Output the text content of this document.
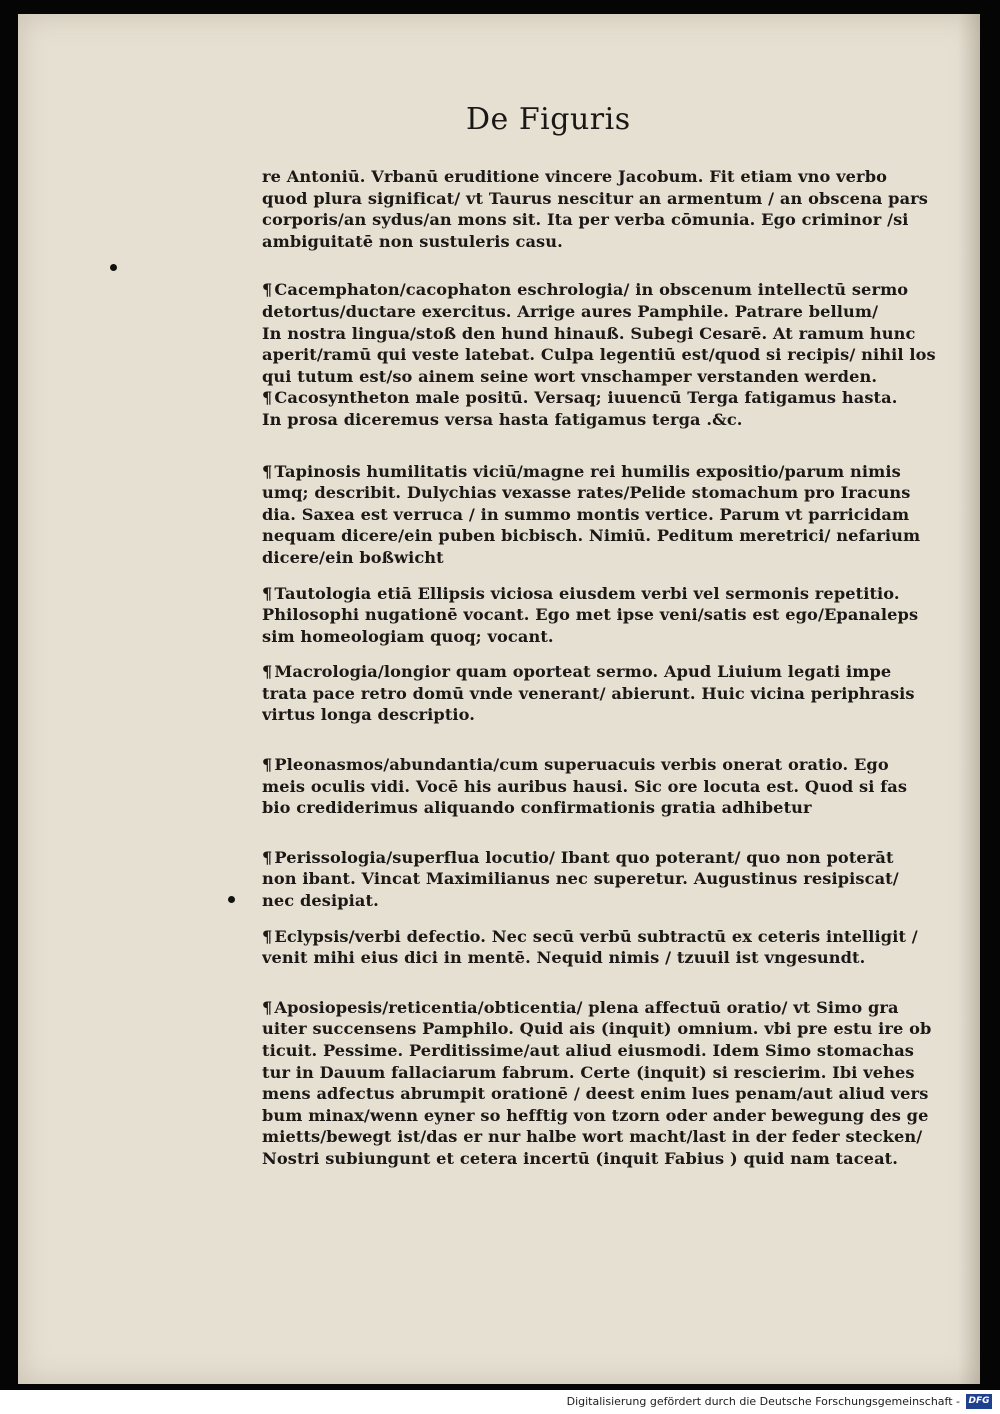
De Figuris
re Antoniū. Vrbanū eruditione vincere Jacobum. Fit etiam vno verbo
quod plura significat/ vt Taurus nescitur an armentum / an obscena pars
corporis/an sydus/an mons sit. Ita per verba cōmunia. Ego criminor /si
ambiguitatē non sustuleris casu.
¶ Cacemphaton/cacophaton eschrologia/ in obscenum intellectū sermo
detortus/ductare exercitus. Arrige aures Pamphile. Patrare bellum/
In nostra lingua/stoß den hund hinauß. Subegi Cesarē. At ramum hunc
aperit/ramū qui veste latebat. Culpa legentiū est/quod si recipis/ nihil los
qui tutum est/so ainem seine wort vnschamper verstanden werden.
¶ Cacosyntheton male positū. Versaq; iuuencū Terga fatigamus hasta.
In prosa diceremus versa hasta fatigamus terga .&c.
¶ Tapinosis humilitatis viciū/magne rei humilis expositio/parum nimis
umq; describit. Dulychias vexasse rates/Pelide stomachum pro Iracuns
dia. Saxea est verruca / in summo montis vertice. Parum vt parricidam
nequam dicere/ein puben bicbisch. Nimiū. Peditum meretrici/ nefarium
dicere/ein boßwicht
¶ Tautologia etiā Ellipsis viciosa eiusdem verbi vel sermonis repetitio.
Philosophi nugationē vocant. Ego met ipse veni/satis est ego/Epanaleps
sim homeologiam quoq; vocant.
¶ Macrologia/longior quam oporteat sermo. Apud Liuium legati impe
trata pace retro domū vnde venerant/ abierunt. Huic vicina periphrasis
virtus longa descriptio.
¶ Pleonasmos/abundantia/cum superuacuis verbis onerat oratio. Ego
meis oculis vidi. Vocē his auribus hausi. Sic ore locuta est. Quod si fas
bio crediderimus aliquando confirmationis gratia adhibetur
¶ Perissologia/superflua locutio/ Ibant quo poterant/ quo non poterāt
non ibant. Vincat Maximilianus nec superetur. Augustinus resipiscat/
nec desipiat.
¶ Eclypsis/verbi defectio. Nec secū verbū subtractū ex ceteris intelligit /
venit mihi eius dici in mentē. Nequid nimis / tzuuil ist vngesundt.
¶ Aposiopesis/reticentia/obticentia/ plena affectuū oratio/ vt Simo gra
uiter succensens Pamphilo. Quid ais (inquit) omnium. vbi pre estu ire ob
ticuit. Pessime. Perditissime/aut aliud eiusmodi. Idem Simo stomachas
tur in Dauum fallaciarum fabrum. Certe (inquit) si rescierim. Ibi vehes
mens adfectus abrumpit orationē / deest enim lues penam/aut aliud vers
bum minax/wenn eyner so hefftig von tzorn oder ander bewegung des ge
mietts/bewegt ist/das er nur halbe wort macht/last in der feder stecken/
Nostri subiungunt et cetera incertū (inquit Fabius ) quid nam taceat.
Digitalisierung gefördert durch die Deutsche Forschungsgemeinschaft - DFG
